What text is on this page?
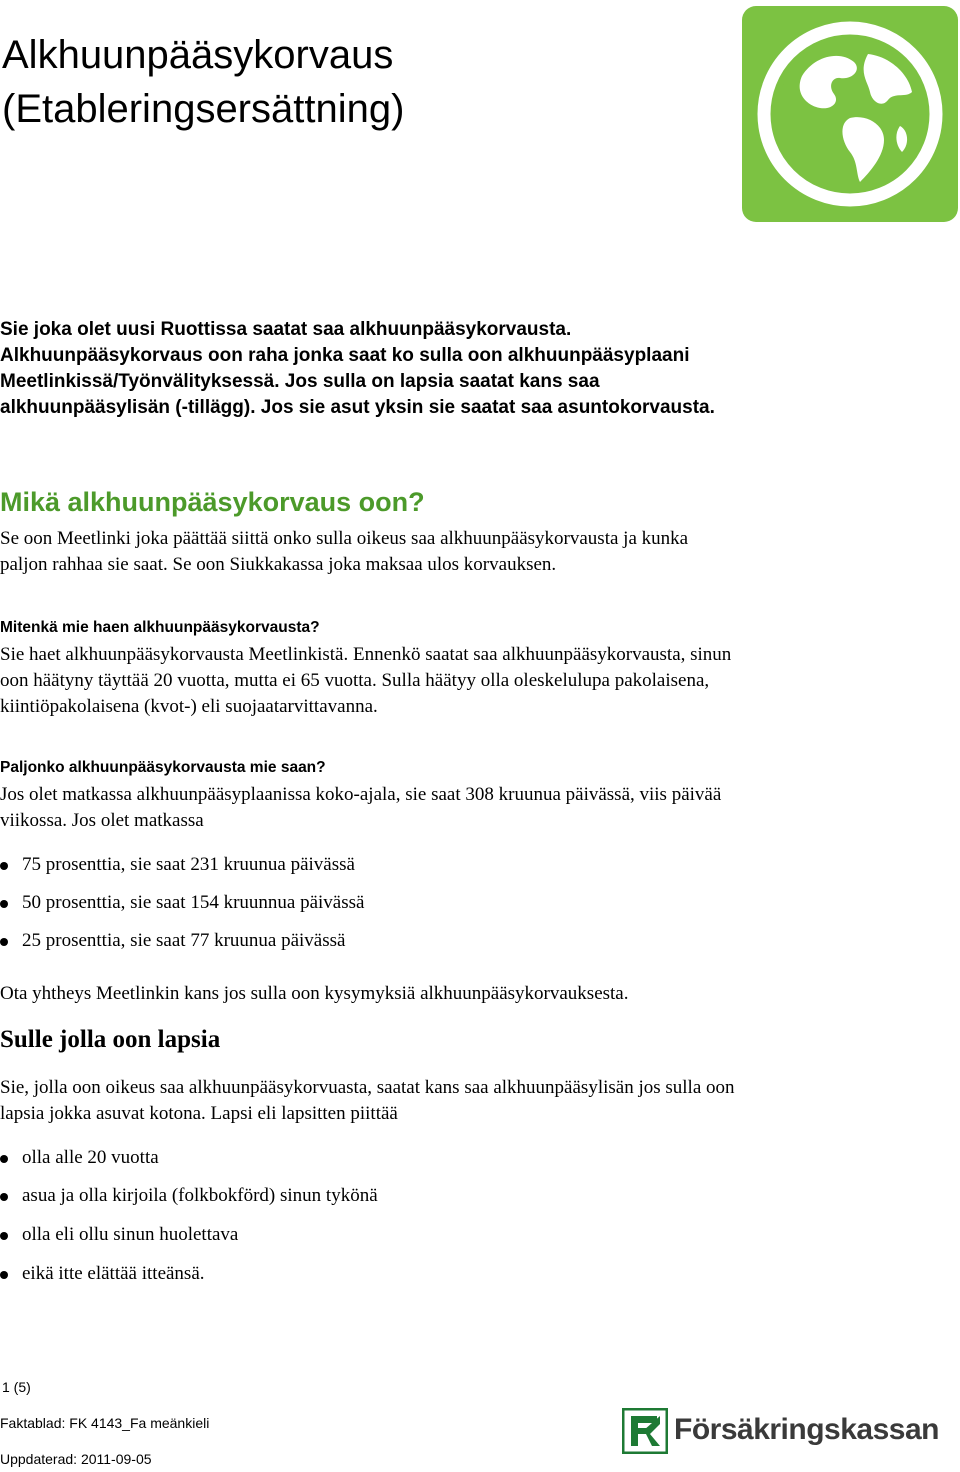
Alkhuunpääsykorvaus
(Etableringsersättning)

Sie joka olet uusi Ruottissa saatat saa alkhuunpääsykorvausta. Alkhuunpääsykorvaus oon raha jonka saat ko sulla oon alkhuunpääsyplaani Meetlinkissä/Työnvälityksessä. Jos sulla on lapsia saatat kans saa alkhuunpääsylisän (-tillägg). Jos sie asut yksin sie saatat saa asuntokorvausta.

Mikä alkhuunpääsykorvaus oon?

Se oon Meetlinki joka päättää siittä onko sulla oikeus saa alkhuunpääsykorvausta ja kunka paljon rahhaa sie saat. Se oon Siukkakassa joka maksaa ulos korvauksen.

Mitenkä mie haen alkhuunpääsykorvausta?

Sie haet alkhuunpääsykorvausta Meetlinkistä. Ennenkö saatat saa alkhuunpääsykorvausta, sinun oon häätyny täyttää 20 vuotta, mutta ei 65 vuotta. Sulla häätyy olla oleskelulupa pakolaisena, kiintiöpakolaisena (kvot-) eli suojaatarvittavanna.

Paljonko alkhuunpääsykorvausta mie saan?

Jos olet matkassa alkhuunpääsyplaanissa koko-ajala, sie saat 308 kruunua päivässä, viis päivää viikossa. Jos olet matkassa

75 prosenttia, sie saat 231 kruunua päivässä
50 prosenttia, sie saat 154 kruunnua päivässä
25 prosenttia, sie saat 77 kruunua päivässä

Ota yhtheys Meetlinkin kans jos sulla oon kysymyksiä alkhuunpääsykorvauksesta.

Sulle jolla oon lapsia

Sie, jolla oon oikeus saa alkhuunpääsykorvuasta, saatat kans saa alkhuunpääsylisän jos sulla oon lapsia jokka asuvat kotona. Lapsi eli lapsitten piittää

olla alle 20 vuotta
asua ja olla kirjoila (folkbokförd) sinun tykönä
olla eli ollu sinun huolettava
eikä itte elättää itteänsä.

1 (5)

Faktablad: FK 4143_Fa meänkieli

Uppdaterad: 2011-09-05

Försäkringskassan
